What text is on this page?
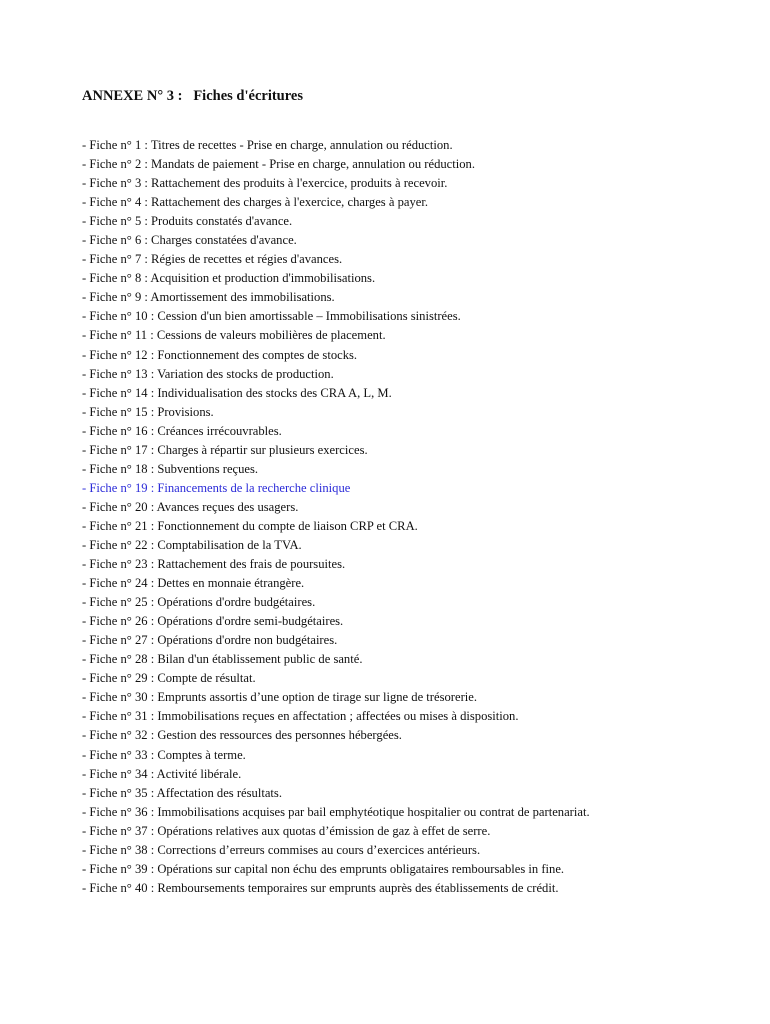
ANNEXE N° 3 :   Fiches d'écritures
- Fiche n° 1 : Titres de recettes - Prise en charge, annulation ou réduction.
- Fiche n° 2 : Mandats de paiement - Prise en charge, annulation ou réduction.
- Fiche n° 3 : Rattachement des produits à l'exercice, produits à recevoir.
- Fiche n° 4 : Rattachement des charges à l'exercice, charges à payer.
- Fiche n° 5 : Produits constatés d'avance.
- Fiche n° 6 : Charges constatées d'avance.
- Fiche n° 7 : Régies de recettes et régies d'avances.
- Fiche n° 8 : Acquisition et production d'immobilisations.
- Fiche n° 9 : Amortissement des immobilisations.
- Fiche n° 10 : Cession d'un bien amortissable – Immobilisations sinistrées.
- Fiche n° 11 : Cessions de valeurs mobilières de placement.
- Fiche n° 12 : Fonctionnement des comptes de stocks.
- Fiche n° 13 : Variation des stocks de production.
- Fiche n° 14 : Individualisation des stocks des CRA A, L, M.
- Fiche n° 15 : Provisions.
- Fiche n° 16 : Créances irrécouvrables.
- Fiche n° 17 : Charges à répartir sur plusieurs exercices.
- Fiche n° 18 : Subventions reçues.
- Fiche n° 19 : Financements de la recherche clinique
- Fiche n° 20 : Avances reçues des usagers.
- Fiche n° 21 : Fonctionnement du compte de liaison CRP et CRA.
- Fiche n° 22 : Comptabilisation de la TVA.
- Fiche n° 23 : Rattachement des frais de poursuites.
- Fiche n° 24 : Dettes en monnaie étrangère.
- Fiche n° 25 : Opérations d'ordre budgétaires.
- Fiche n° 26 : Opérations d'ordre semi-budgétaires.
- Fiche n° 27 : Opérations d'ordre non budgétaires.
- Fiche n° 28 : Bilan d'un établissement public de santé.
- Fiche n° 29 : Compte de résultat.
- Fiche n° 30 : Emprunts assortis d’une option de tirage sur ligne de trésorerie.
- Fiche n° 31 : Immobilisations reçues en affectation ; affectées ou mises à disposition.
- Fiche n° 32 : Gestion des ressources des personnes hébergées.
- Fiche n° 33 : Comptes à terme.
- Fiche n° 34 : Activité libérale.
- Fiche n° 35 : Affectation des résultats.
- Fiche n° 36 : Immobilisations acquises par bail emphytéotique hospitalier ou contrat de partenariat.
- Fiche n° 37 : Opérations relatives aux quotas d’émission de gaz à effet de serre.
- Fiche n° 38 : Corrections d’erreurs commises au cours d’exercices antérieurs.
- Fiche n° 39 : Opérations sur capital non échu des emprunts obligataires remboursables in fine.
- Fiche n° 40 : Remboursements temporaires sur emprunts auprès des établissements de crédit.
